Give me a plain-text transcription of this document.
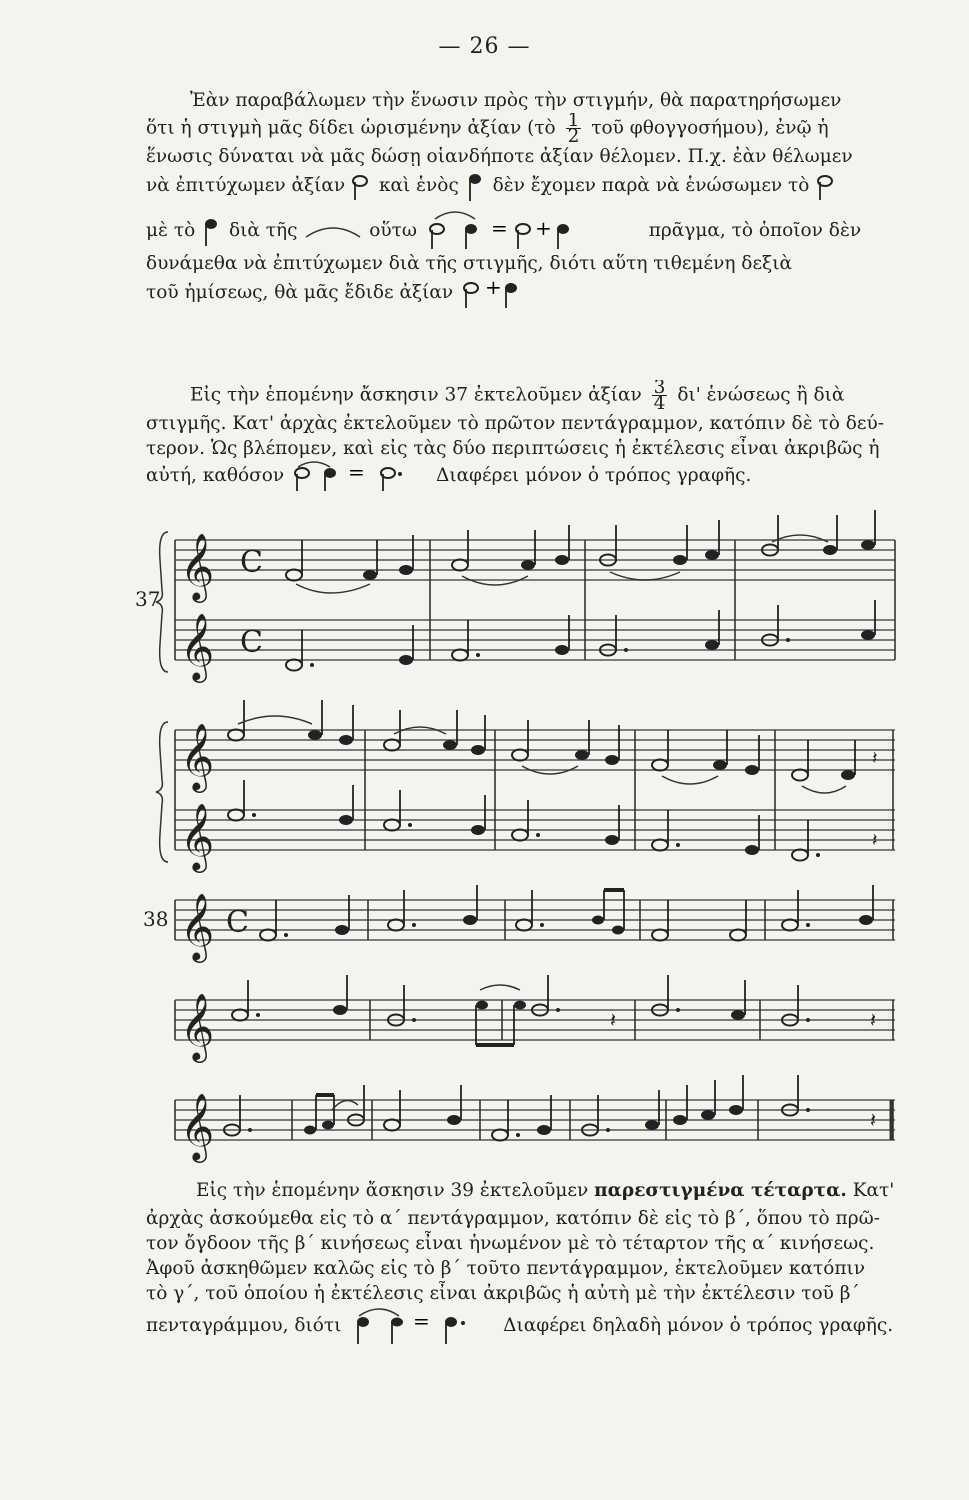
— 26 —
Ἐὰν παραβάλωμεν τὴν ἕνωσιν πρὸς τὴν στιγμήν, θὰ παρατηρήσωμεν
ὅτι ἡ στιγμὴ μᾶς δίδει ὡρισμένην ἀξίαν (τὸ $\frac{1}{2}$ τοῦ φθογγοσήμου), ἐνῷ ἡ
ἕνωσις δύναται νὰ μᾶς δώσῃ οἱανδήποτε ἀξίαν θέλομεν. Π.χ. ἐὰν θέλωμεν
νὰ ἐπιτύχωμεν ἀξίαν καὶ ἑνὸς δὲν ἔχομεν παρὰ νὰ ἑνώσωμεν τὸ
μὲ τὸ διὰ τῆς	οὕτω	= +	πρᾶγμα, τὸ ὁποῖον δὲν
δυνάμεθα νὰ ἐπιτύχωμεν διὰ τῆς στιγμῆς, διότι αὕτη τιθεμένη δεξιὰ
τοῦ ἡμίσεως, θὰ μᾶς ἔδιδε ἀξίαν +
Εἰς τὴν ἑπομένην ἄσκησιν 37 ἐκτελοῦμεν ἀξίαν $\frac{3}{4} \delta\iota'$ ἑνώσεως ἢ διὰ
στιγμῆς. Κατ' ἀρχὰς ἐκτελοῦμεν τὸ πρῶτον πεντάγραμμον, κατόπιν δὲ τὸ δεύ-
τερον. Ὡς βλέπομεν, καὶ εἰς τὰς δύο περιπτώσεις ἡ ἐκτέλεσις εἶναι ἀκριβῶς ἡ
αὐτή, καθόσον	=	Διαφέρει μόνον ὁ τρόπος γραφῆς.
37 𝄞
𝄞
C
C
𝄞
𝄞
𝄽
𝄽
38 𝄞 C
𝄞	𝄽	𝄽
𝄞	𝄽
Εἰς τὴν ἑπομένην ἄσκησιν 39 ἐκτελοῦμεν παρεστιγμένα τέταρτα. Κατ'
ἀρχὰς ἀσκούμεθα εἰς τὸ α΄ πεντάγραμμον, κατόπιν δὲ εἰς τὸ β΄, ὅπου τὸ πρῶ-
τον ὄγδοον τῆς β΄ κινήσεως εἶναι ἡνωμένον μὲ τὸ τέταρτον τῆς α΄ κινήσεως.
Ἀφοῦ ἀσκηθῶμεν καλῶς εἰς τὸ β΄ τοῦτο πεντάγραμμον, ἐκτελοῦμεν κατόπιν
τὸ γ΄, τοῦ ὁποίου ἡ ἐκτέλεσις εἶναι ἀκριβῶς ἡ αὐτὴ μὲ τὴν ἐκτέλεσιν τοῦ β΄
πενταγράμμου, διότι	=	Διαφέρει δηλαδὴ μόνον ὁ τρόπος γραφῆς.
